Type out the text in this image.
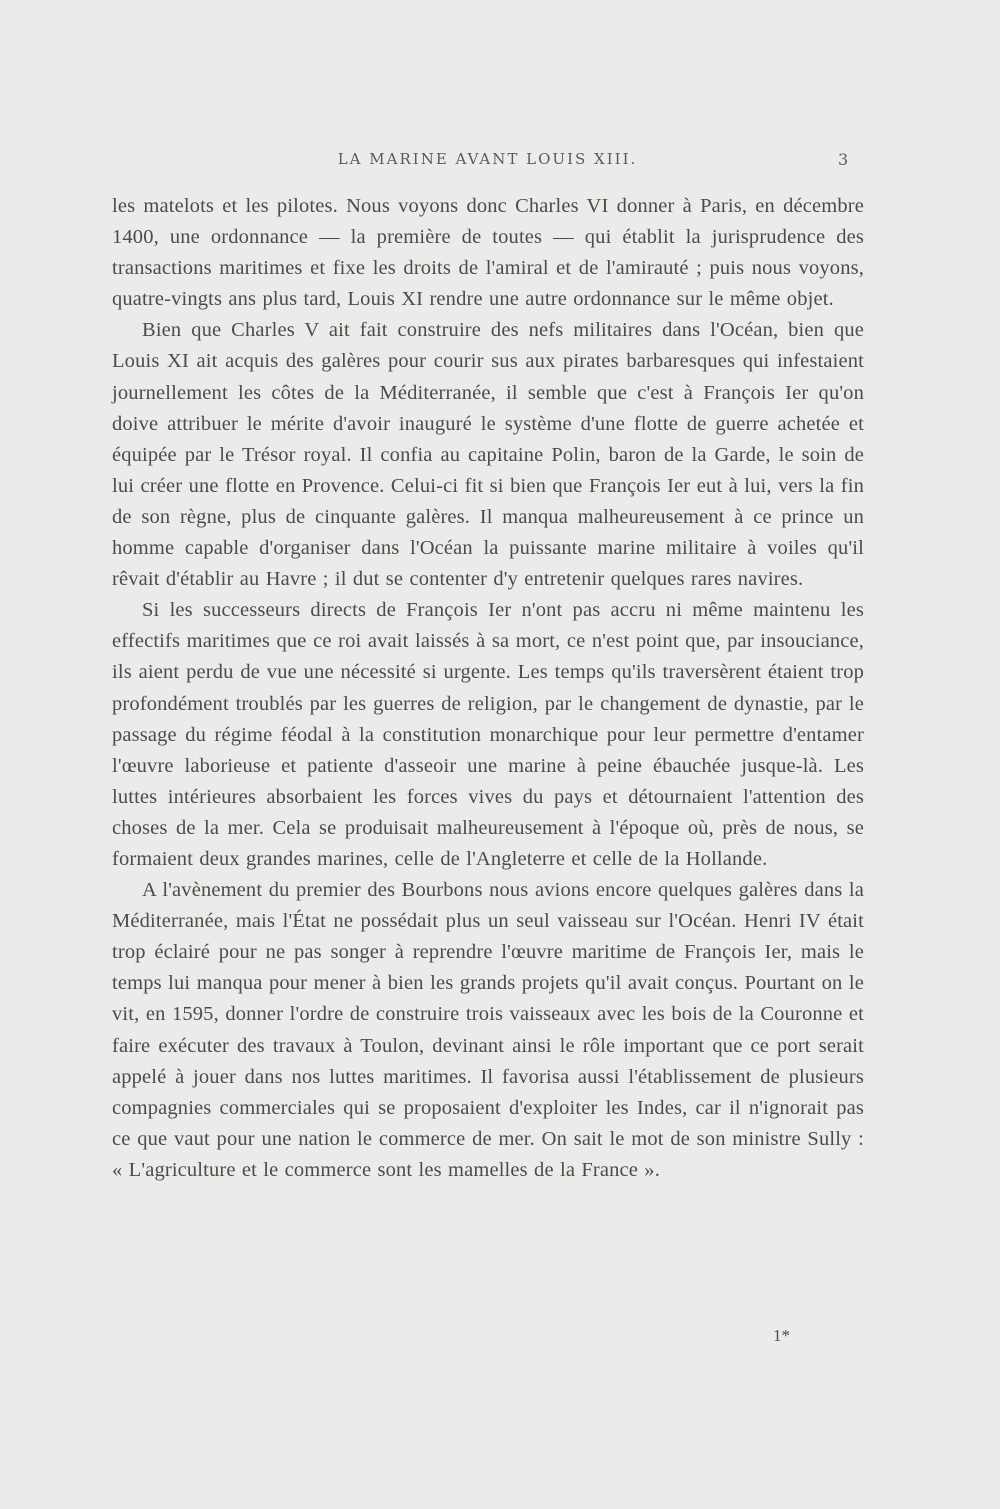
LA MARINE AVANT LOUIS XIII.	3

les matelots et les pilotes. Nous voyons donc Charles VI donner à Paris, en décembre 1400, une ordonnance — la première de toutes — qui établit la jurisprudence des transactions maritimes et fixe les droits de l'amiral et de l'amirauté ; puis nous voyons, quatre-vingts ans plus tard, Louis XI rendre une autre ordonnance sur le même objet.

Bien que Charles V ait fait construire des nefs militaires dans l'Océan, bien que Louis XI ait acquis des galères pour courir sus aux pirates barbaresques qui infestaient journellement les côtes de la Méditerranée, il semble que c'est à François Ier qu'on doive attribuer le mérite d'avoir inauguré le système d'une flotte de guerre achetée et équipée par le Trésor royal. Il confia au capitaine Polin, baron de la Garde, le soin de lui créer une flotte en Provence. Celui-ci fit si bien que François Ier eut à lui, vers la fin de son règne, plus de cinquante galères. Il manqua malheureusement à ce prince un homme capable d'organiser dans l'Océan la puissante marine militaire à voiles qu'il rêvait d'établir au Havre ; il dut se contenter d'y entretenir quelques rares navires.

Si les successeurs directs de François Ier n'ont pas accru ni même maintenu les effectifs maritimes que ce roi avait laissés à sa mort, ce n'est point que, par insouciance, ils aient perdu de vue une nécessité si urgente. Les temps qu'ils traversèrent étaient trop profondément troublés par les guerres de religion, par le changement de dynastie, par le passage du régime féodal à la constitution monarchique pour leur permettre d'entamer l'œuvre laborieuse et patiente d'asseoir une marine à peine ébauchée jusque-là. Les luttes intérieures absorbaient les forces vives du pays et détournaient l'attention des choses de la mer. Cela se produisait malheureusement à l'époque où, près de nous, se formaient deux grandes marines, celle de l'Angleterre et celle de la Hollande.

A l'avènement du premier des Bourbons nous avions encore quelques galères dans la Méditerranée, mais l'État ne possédait plus un seul vaisseau sur l'Océan. Henri IV était trop éclairé pour ne pas songer à reprendre l'œuvre maritime de François Ier, mais le temps lui manqua pour mener à bien les grands projets qu'il avait conçus. Pourtant on le vit, en 1595, donner l'ordre de construire trois vaisseaux avec les bois de la Couronne et faire exécuter des travaux à Toulon, devinant ainsi le rôle important que ce port serait appelé à jouer dans nos luttes maritimes. Il favorisa aussi l'établissement de plusieurs compagnies commerciales qui se proposaient d'exploiter les Indes, car il n'ignorait pas ce que vaut pour une nation le commerce de mer. On sait le mot de son ministre Sully : « L'agriculture et le commerce sont les mamelles de la France ».

1*
